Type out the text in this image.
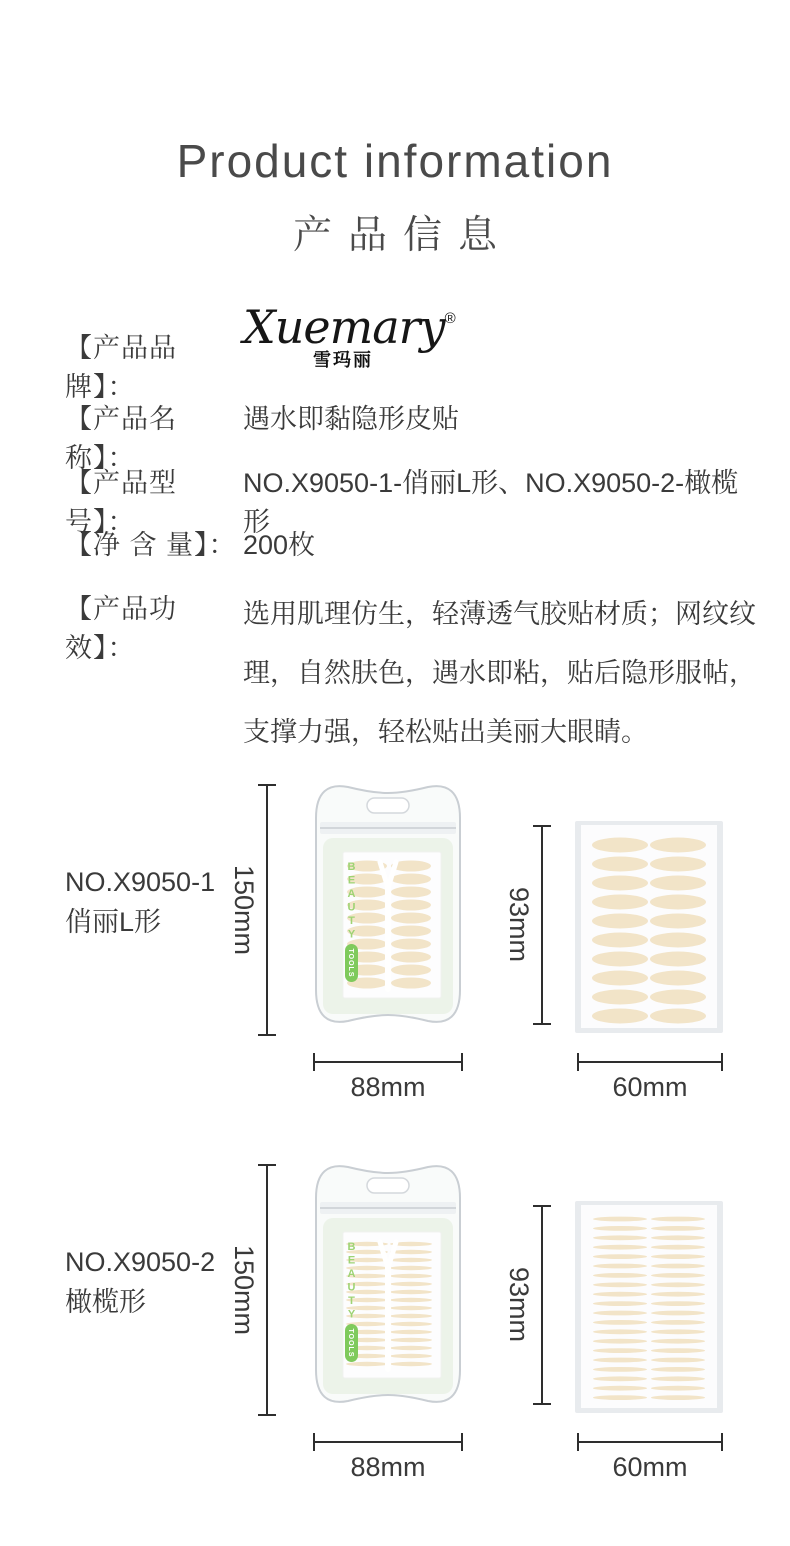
Product information
产品信息
【产品品牌】：
Xuemary®
雪玛丽
【产品名称】：
遇水即黏隐形皮贴
【产品型号】：
NO.X9050-1-俏丽L形、NO.X9050-2-橄榄形
【净 含 量】： 200枚
【产品功效】：
选用肌理仿生，轻薄透气胶贴材质；网纹纹理，自然肤色，遇水即粘，贴后隐形服帖，支撑力强，轻松贴出美丽大眼睛。
NO.X9050-1
俏丽L形	150mm	B
E
A
U
T
Y
TOOLS
93mm
88mm	60mm
NO.X9050-2
橄榄形	150mm	B
E
A
U
T
Y
TOOLS
93mm
88mm	60mm
